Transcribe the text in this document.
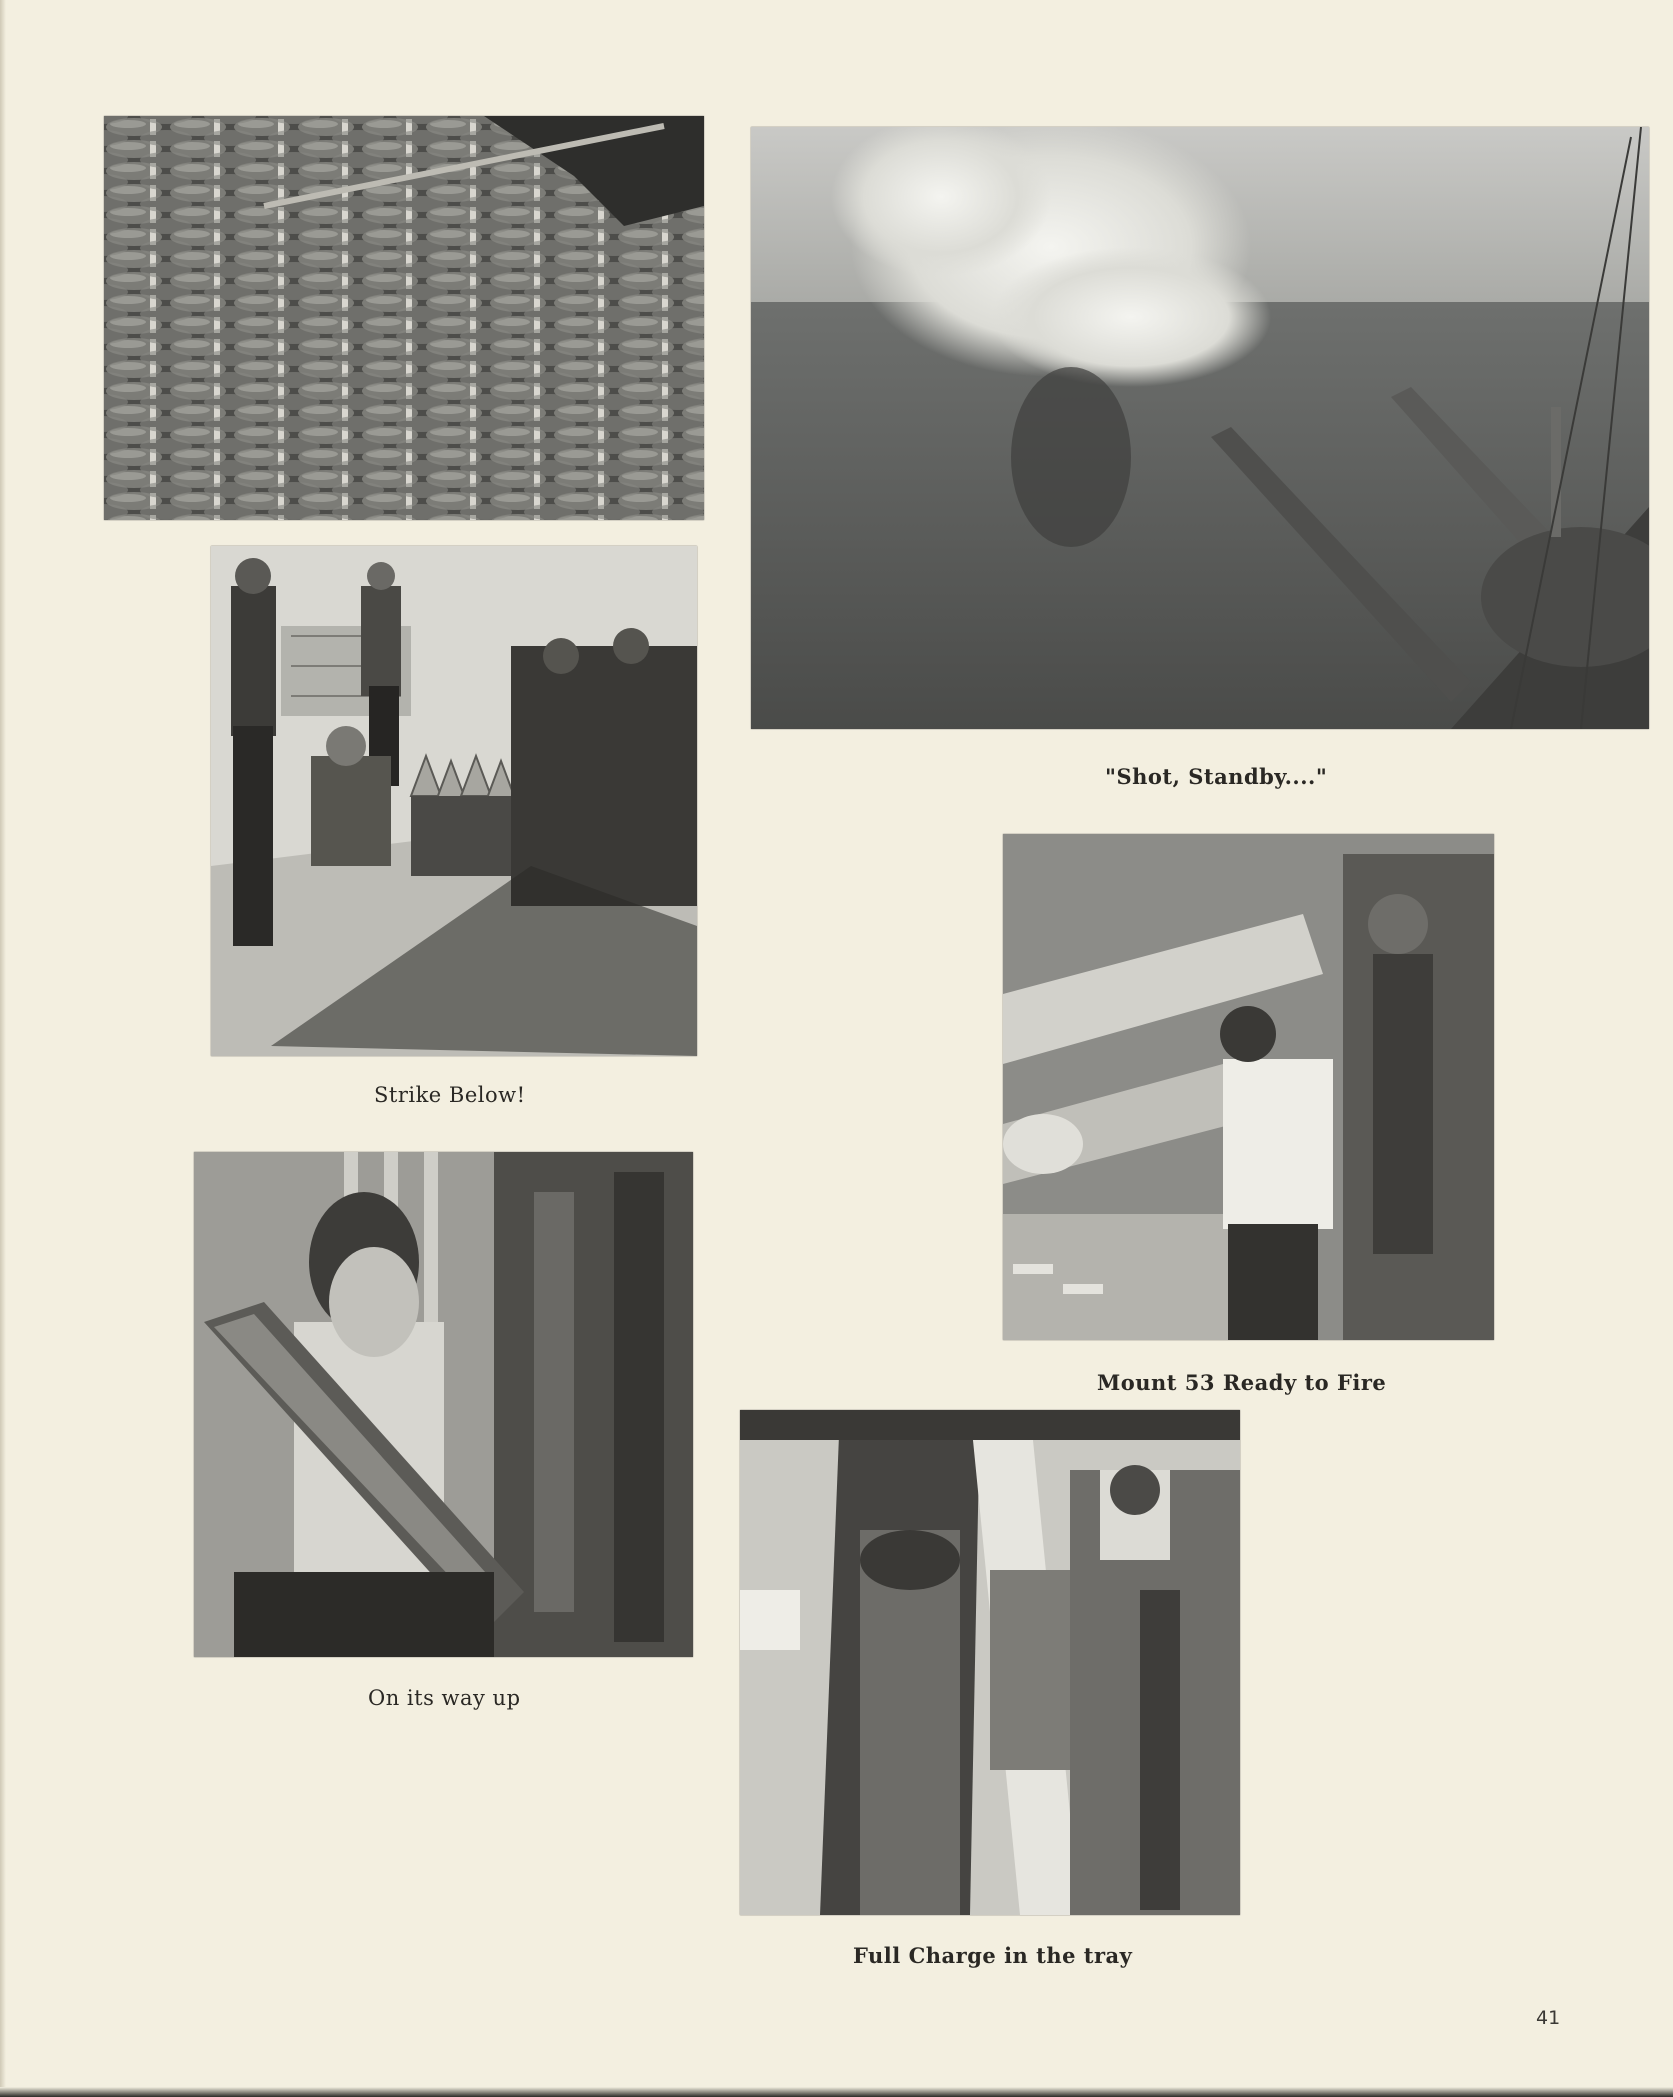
"Shot, Standby...."
Strike Below!
Mount 53 Ready to Fire
On its way up
Full Charge in the tray
41
